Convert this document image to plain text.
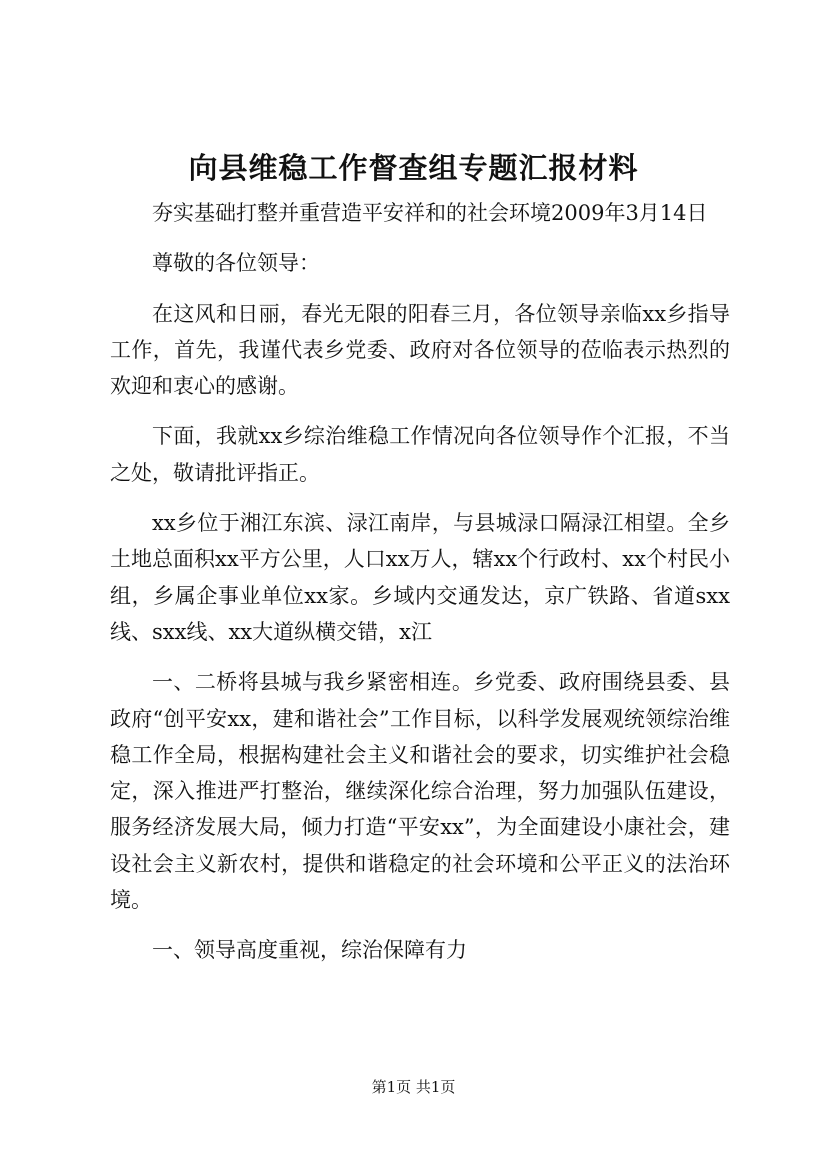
向县维稳工作督查组专题汇报材料

夯实基础打整并重营造平安祥和的社会环境2009年3月14日

尊敬的各位领导：

在这风和日丽，春光无限的阳春三月，各位领导亲临xx乡指导工作，首先，我谨代表乡党委、政府对各位领导的莅临表示热烈的欢迎和衷心的感谢。

下面，我就xx乡综治维稳工作情况向各位领导作个汇报，不当之处，敬请批评指正。

xx乡位于湘江东滨、渌江南岸，与县城渌口隔渌江相望。全乡土地总面积xx平方公里，人口xx万人，辖xx个行政村、xx个村民小组，乡属企事业单位xx家。乡域内交通发达，京广铁路、省道sxx线、sxx线、xx大道纵横交错，x江

一、二桥将县城与我乡紧密相连。乡党委、政府围绕县委、县政府“创平安xx，建和谐社会”工作目标，以科学发展观统领综治维稳工作全局，根据构建社会主义和谐社会的要求，切实维护社会稳定，深入推进严打整治，继续深化综合治理，努力加强队伍建设，服务经济发展大局，倾力打造“平安xx”，为全面建设小康社会，建设社会主义新农村，提供和谐稳定的社会环境和公平正义的法治环境。

一、领导高度重视，综治保障有力

第1页 共1页
